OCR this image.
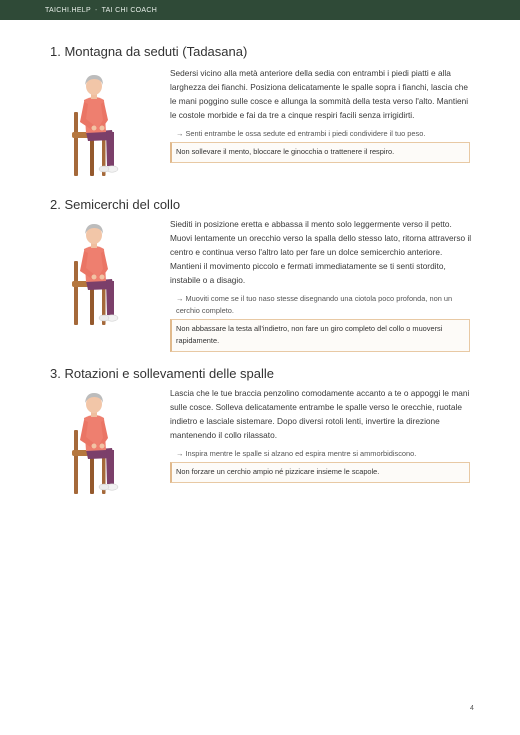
TAICHI.HELP - TAI CHI COACH
1. Montagna da seduti (Tadasana)

Sedersi vicino alla metà anteriore della sedia con entrambi i piedi piatti e alla larghezza dei fianchi. Posiziona delicatamente le spalle sopra i fianchi, lascia che le mani poggino sulle cosce e allunga la sommità della testa verso l'alto. Mantieni le costole morbide e fai da tre a cinque respiri facili senza irrigidirti.

→ Senti entrambe le ossa sedute ed entrambi i piedi condividere il tuo peso.

Non sollevare il mento, bloccare le ginocchia o trattenere il respiro.
2. Semicerchi del collo

Siediti in posizione eretta e abbassa il mento solo leggermente verso il petto. Muovi lentamente un orecchio verso la spalla dello stesso lato, ritorna attraverso il centro e continua verso l'altro lato per fare un dolce semicerchio anteriore. Mantieni il movimento piccolo e fermati immediatamente se ti senti stordito, instabile o a disagio.

→ Muoviti come se il tuo naso stesse disegnando una ciotola poco profonda, non un cerchio completo.

Non abbassare la testa all'indietro, non fare un giro completo del collo o muoversi rapidamente.
3. Rotazioni e sollevamenti delle spalle

Lascia che le tue braccia penzolino comodamente accanto a te o appoggi le mani sulle cosce. Solleva delicatamente entrambe le spalle verso le orecchie, ruotale indietro e lasciale sistemare. Dopo diversi rotoli lenti, invertire la direzione mantenendo il collo rilassato.

→ Inspira mentre le spalle si alzano ed espira mentre si ammorbidiscono.

Non forzare un cerchio ampio né pizzicare insieme le scapole.
4
